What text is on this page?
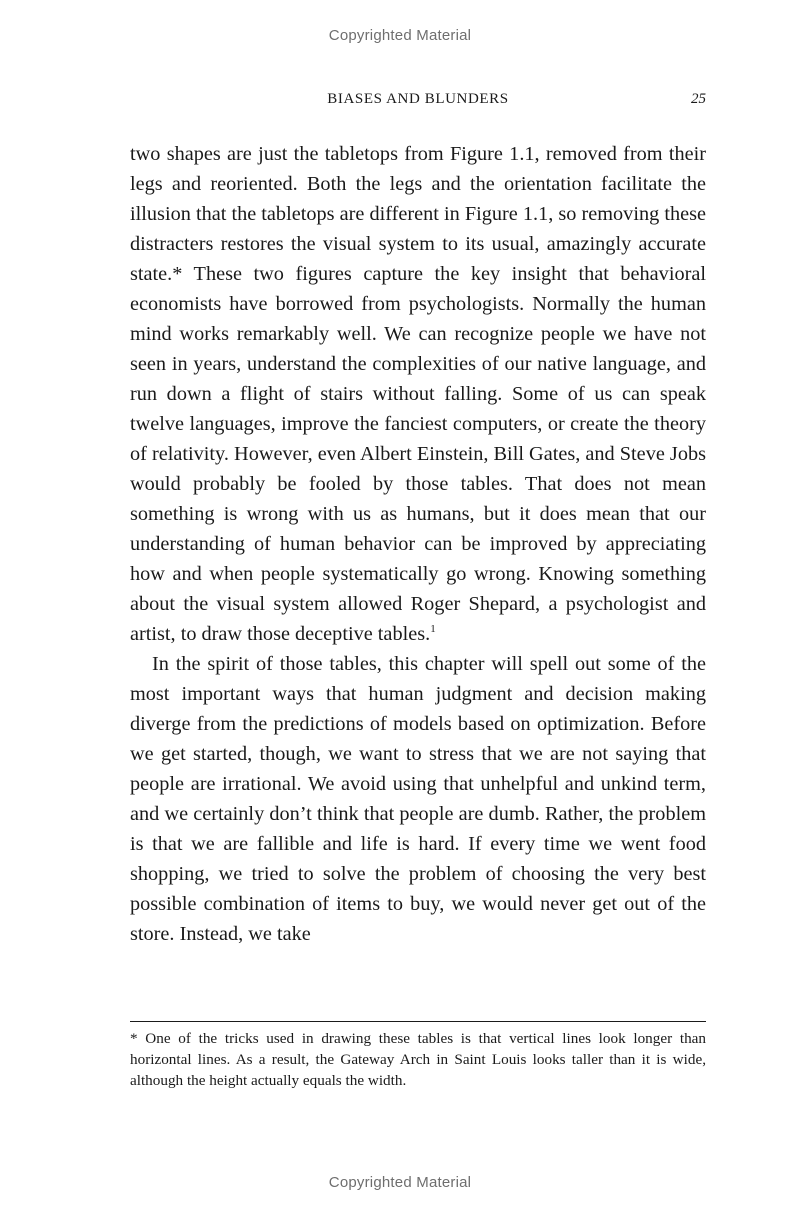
Copyrighted Material
BIASES AND BLUNDERS	25

two shapes are just the tabletops from Figure 1.1, removed from their legs and reoriented. Both the legs and the orientation facilitate the illusion that the tabletops are different in Figure 1.1, so removing these distracters restores the visual system to its usual, amazingly accurate state.* These two figures capture the key insight that behavioral economists have borrowed from psychologists. Normally the human mind works remarkably well. We can recognize people we have not seen in years, understand the complexities of our native language, and run down a flight of stairs without falling. Some of us can speak twelve languages, improve the fanciest computers, or create the theory of relativity. However, even Albert Einstein, Bill Gates, and Steve Jobs would probably be fooled by those tables. That does not mean something is wrong with us as humans, but it does mean that our understanding of human behavior can be improved by appreciating how and when people systematically go wrong. Knowing something about the visual system allowed Roger Shepard, a psychologist and artist, to draw those deceptive tables.$^1$

In the spirit of those tables, this chapter will spell out some of the most important ways that human judgment and decision making diverge from the predictions of models based on optimization. Before we get started, though, we want to stress that we are not saying that people are irrational. We avoid using that unhelpful and unkind term, and we certainly don’t think that people are dumb. Rather, the problem is that we are fallible and life is hard. If every time we went food shopping, we tried to solve the problem of choosing the very best possible combination of items to buy, we would never get out of the store. Instead, we take

* One of the tricks used in drawing these tables is that vertical lines look longer than horizontal lines. As a result, the Gateway Arch in Saint Louis looks taller than it is wide, although the height actually equals the width.

Copyrighted Material
